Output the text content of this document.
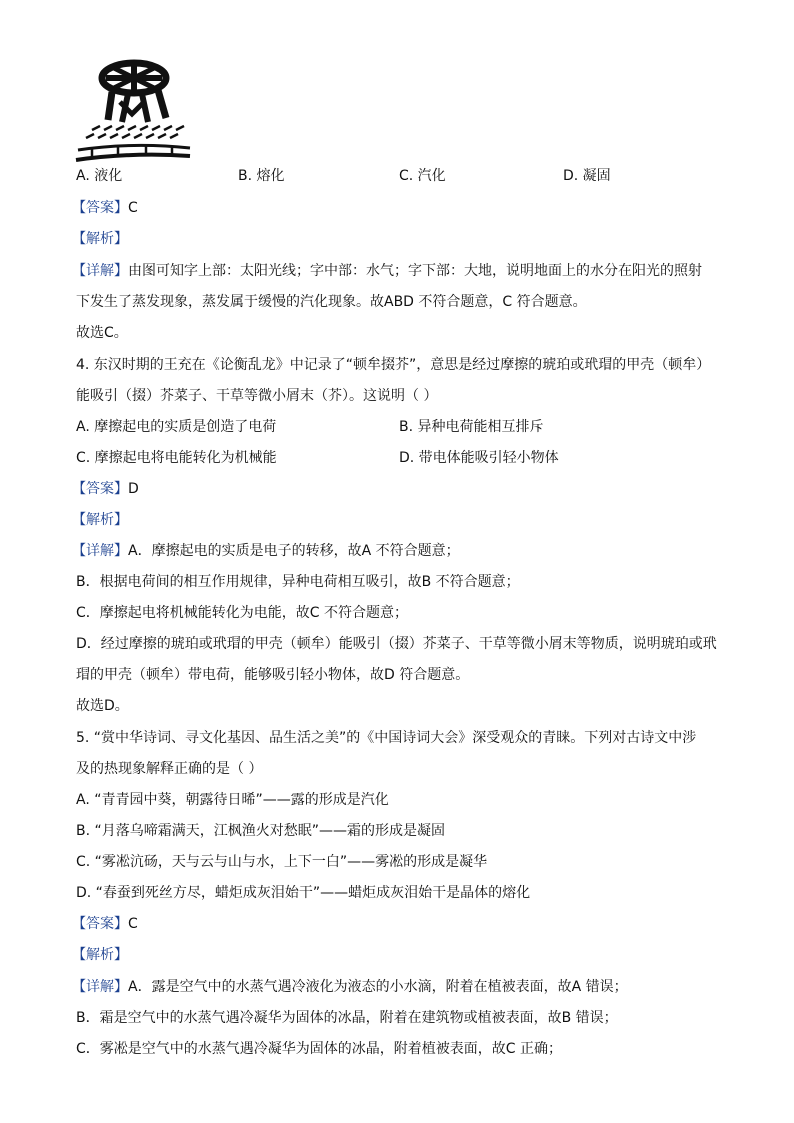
A. 液化	B. 熔化	C. 汽化	D. 凝固
【答案】C
【解析】
【详解】由图可知字上部：太阳光线；字中部：水气；字下部：大地，说明地面上的水分在阳光的照射
下发生了蒸发现象，蒸发属于缓慢的汽化现象。故ABD 不符合题意，C 符合题意。
故选C。
4. 东汉时期的王充在《论衡乱龙》中记录了“顿牟掇芥”，意思是经过摩擦的琥珀或玳瑁的甲壳（顿牟）
能吸引（掇）芥菜子、干草等微小屑末（芥）。这说明（ ）
A. 摩擦起电的实质是创造了电荷	B. 异种电荷能相互排斥
C. 摩擦起电将电能转化为机械能	D. 带电体能吸引轻小物体
【答案】D
【解析】
【详解】A．摩擦起电的实质是电子的转移，故A 不符合题意；
B．根据电荷间的相互作用规律，异种电荷相互吸引，故B 不符合题意；
C．摩擦起电将机械能转化为电能，故C 不符合题意；
D．经过摩擦的琥珀或玳瑁的甲壳（顿牟）能吸引（掇）芥菜子、干草等微小屑末等物质，说明琥珀或玳
瑁的甲壳（顿牟）带电荷，能够吸引轻小物体，故D 符合题意。
故选D。
5. “赏中华诗词、寻文化基因、品生活之美”的《中国诗词大会》深受观众的青睐。下列对古诗文中涉
及的热现象解释正确的是（ ）
A. “青青园中葵，朝露待日晞”——露的形成是汽化
B. “月落乌啼霜满天，江枫渔火对愁眠”——霜的形成是凝固
C. “雾凇沆砀，天与云与山与水，上下一白”——雾凇的形成是凝华
D. “春蚕到死丝方尽，蜡炬成灰泪始干”——蜡炬成灰泪始干是晶体的熔化
【答案】C
【解析】
【详解】A．露是空气中的水蒸气遇冷液化为液态的小水滴，附着在植被表面，故A 错误；
B．霜是空气中的水蒸气遇冷凝华为固体的冰晶，附着在建筑物或植被表面，故B 错误；
C．雾凇是空气中的水蒸气遇冷凝华为固体的冰晶，附着植被表面，故C 正确；
